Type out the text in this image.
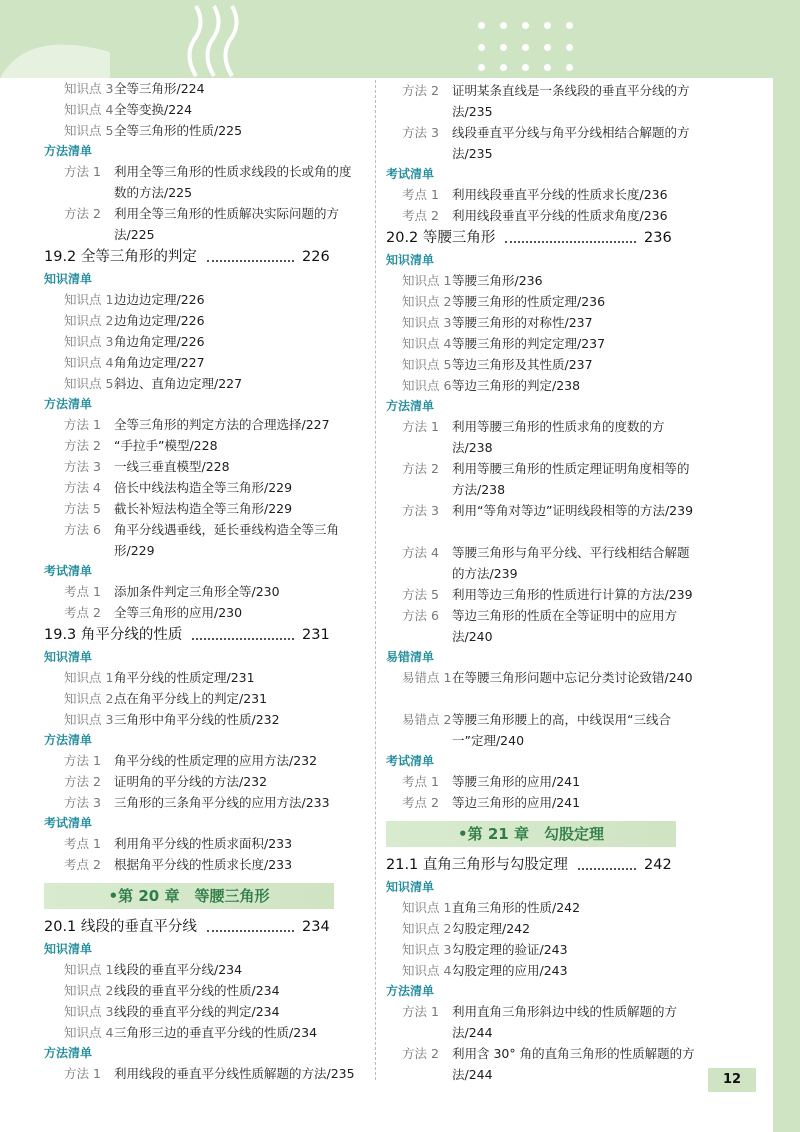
知识点 3 全等三角形/224
知识点 4 全等变换/224
知识点 5 全等三角形的性质/225
方法清单
方法 1 利用全等三角形的性质求线段的长或角的度数的方法/225
方法 2 利用全等三角形的性质解决实际问题的方法/225
19.2 全等三角形的判定	226
知识清单
知识点 1 边边边定理/226
知识点 2 边角边定理/226
知识点 3 角边角定理/226
知识点 4 角角边定理/227
知识点 5 斜边、直角边定理/227
方法清单
方法 1 全等三角形的判定方法的合理选择/227
方法 2 “手拉手”模型/228
方法 3 一线三垂直模型/228
方法 4 倍长中线法构造全等三角形/229
方法 5 截长补短法构造全等三角形/229
方法 6 角平分线遇垂线，延长垂线构造全等三角形/229
考试清单
考点 1 添加条件判定三角形全等/230
考点 2 全等三角形的应用/230
19.3 角平分线的性质	231
知识清单
知识点 1 角平分线的性质定理/231
知识点 2 点在角平分线上的判定/231
知识点 3 三角形中角平分线的性质/232
方法清单
方法 1 角平分线的性质定理的应用方法/232
方法 2 证明角的平分线的方法/232
方法 3 三角形的三条角平分线的应用方法/233
考试清单
考点 1 利用角平分线的性质求面积/233
考点 2 根据角平分线的性质求长度/233
•第 20 章　等腰三角形
20.1 线段的垂直平分线	234
知识清单
知识点 1 线段的垂直平分线/234
知识点 2 线段的垂直平分线的性质/234
知识点 3 线段的垂直平分线的判定/234
知识点 4 三角形三边的垂直平分线的性质/234
方法清单
方法 1 利用线段的垂直平分线性质解题的方法/235
方法 2 证明某条直线是一条线段的垂直平分线的方法/235
方法 3 线段垂直平分线与角平分线相结合解题的方法/235
考试清单
考点 1 利用线段垂直平分线的性质求长度/236
考点 2 利用线段垂直平分线的性质求角度/236
20.2 等腰三角形	236
知识清单
知识点 1 等腰三角形/236
知识点 2 等腰三角形的性质定理/236
知识点 3 等腰三角形的对称性/237
知识点 4 等腰三角形的判定定理/237
知识点 5 等边三角形及其性质/237
知识点 6 等边三角形的判定/238
方法清单
方法 1 利用等腰三角形的性质求角的度数的方法/238
方法 2 利用等腰三角形的性质定理证明角度相等的方法/238
方法 3 利用“等角对等边”证明线段相等的方法/239
方法 4 等腰三角形与角平分线、平行线相结合解题的方法/239
方法 5 利用等边三角形的性质进行计算的方法/239
方法 6 等边三角形的性质在全等证明中的应用方法/240
易错清单
易错点 1 在等腰三角形问题中忘记分类讨论致错/240
易错点 2 等腰三角形腰上的高，中线误用“三线合一”定理/240
考试清单
考点 1 等腰三角形的应用/241
考点 2 等边三角形的应用/241
•第 21 章　勾股定理
21.1 直角三角形与勾股定理	242
知识清单
知识点 1 直角三角形的性质/242
知识点 2 勾股定理/242
知识点 3 勾股定理的验证/243
知识点 4 勾股定理的应用/243
方法清单
方法 1 利用直角三角形斜边中线的性质解题的方法/244
方法 2 利用含 30° 角的直角三角形的性质解题的方法/244	12
